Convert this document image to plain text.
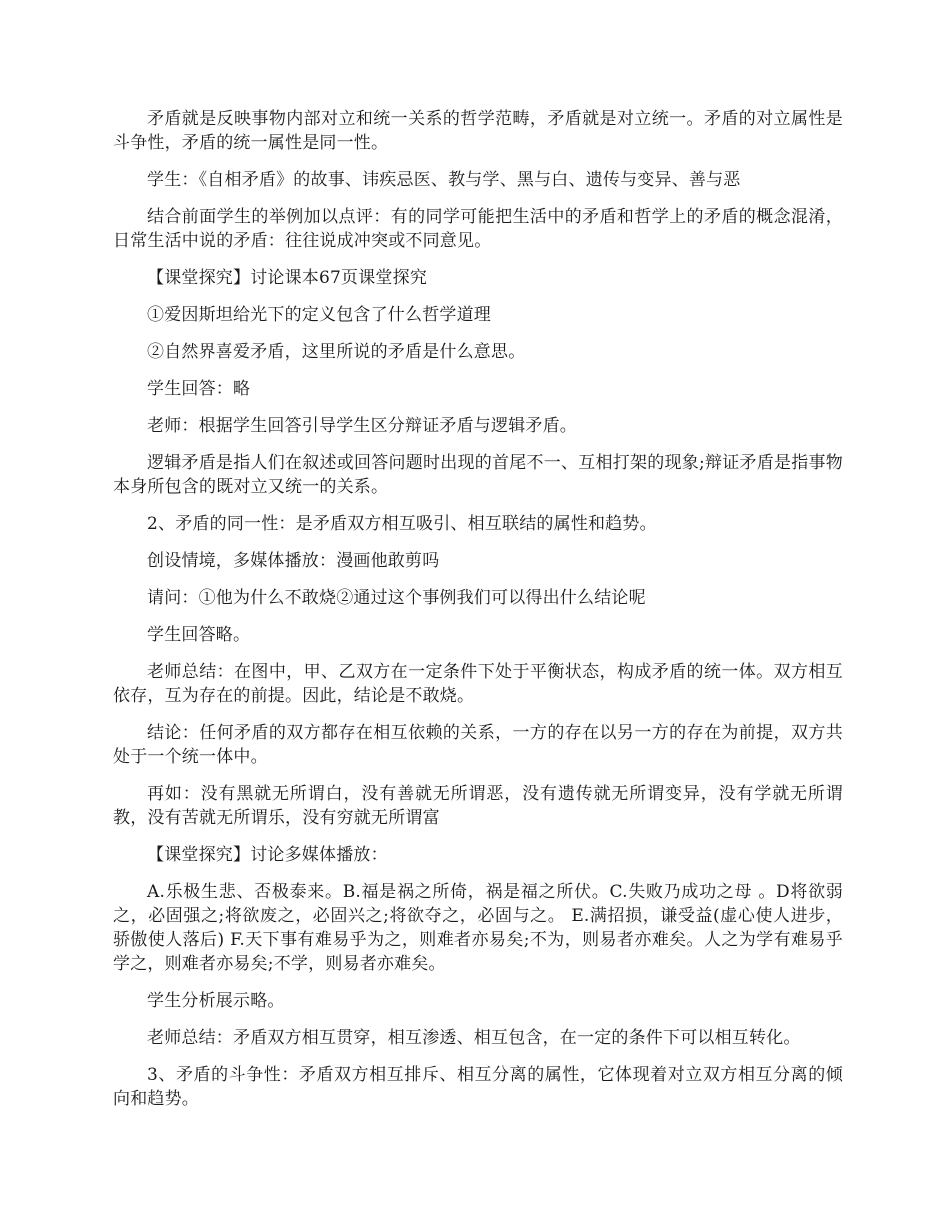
矛盾就是反映事物内部对立和统一关系的哲学范畴，矛盾就是对立统一。矛盾的对立属性是斗争性，矛盾的统一属性是同一性。

学生：《自相矛盾》的故事、讳疾忌医、教与学、黑与白、遗传与变异、善与恶

结合前面学生的举例加以点评：有的同学可能把生活中的矛盾和哲学上的矛盾的概念混淆，日常生活中说的矛盾：往往说成冲突或不同意见。

【课堂探究】讨论课本67页课堂探究

①爱因斯坦给光下的定义包含了什么哲学道理

②自然界喜爱矛盾，这里所说的矛盾是什么意思。

学生回答：略

老师：根据学生回答引导学生区分辩证矛盾与逻辑矛盾。

逻辑矛盾是指人们在叙述或回答问题时出现的首尾不一、互相打架的现象;辩证矛盾是指事物本身所包含的既对立又统一的关系。

2、矛盾的同一性：是矛盾双方相互吸引、相互联结的属性和趋势。

创设情境，多媒体播放：漫画他敢剪吗

请问：①他为什么不敢烧②通过这个事例我们可以得出什么结论呢

学生回答略。

老师总结：在图中，甲、乙双方在一定条件下处于平衡状态，构成矛盾的统一体。双方相互依存，互为存在的前提。因此，结论是不敢烧。

结论：任何矛盾的双方都存在相互依赖的关系，一方的存在以另一方的存在为前提，双方共处于一个统一体中。

再如：没有黑就无所谓白，没有善就无所谓恶，没有遗传就无所谓变异，没有学就无所谓教，没有苦就无所谓乐，没有穷就无所谓富

【课堂探究】讨论多媒体播放：

A.乐极生悲、否极泰来。B.福是祸之所倚，祸是福之所伏。C.失败乃成功之母 。D将欲弱之，必固强之;将欲废之，必固兴之;将欲夺之，必固与之。 E.满招损，谦受益(虚心使人进步，骄傲使人落后) F.天下事有难易乎为之，则难者亦易矣;不为，则易者亦难矣。人之为学有难易乎学之，则难者亦易矣;不学，则易者亦难矣。

学生分析展示略。

老师总结：矛盾双方相互贯穿，相互渗透、相互包含，在一定的条件下可以相互转化。

3、矛盾的斗争性：矛盾双方相互排斥、相互分离的属性，它体现着对立双方相互分离的倾向和趋势。
